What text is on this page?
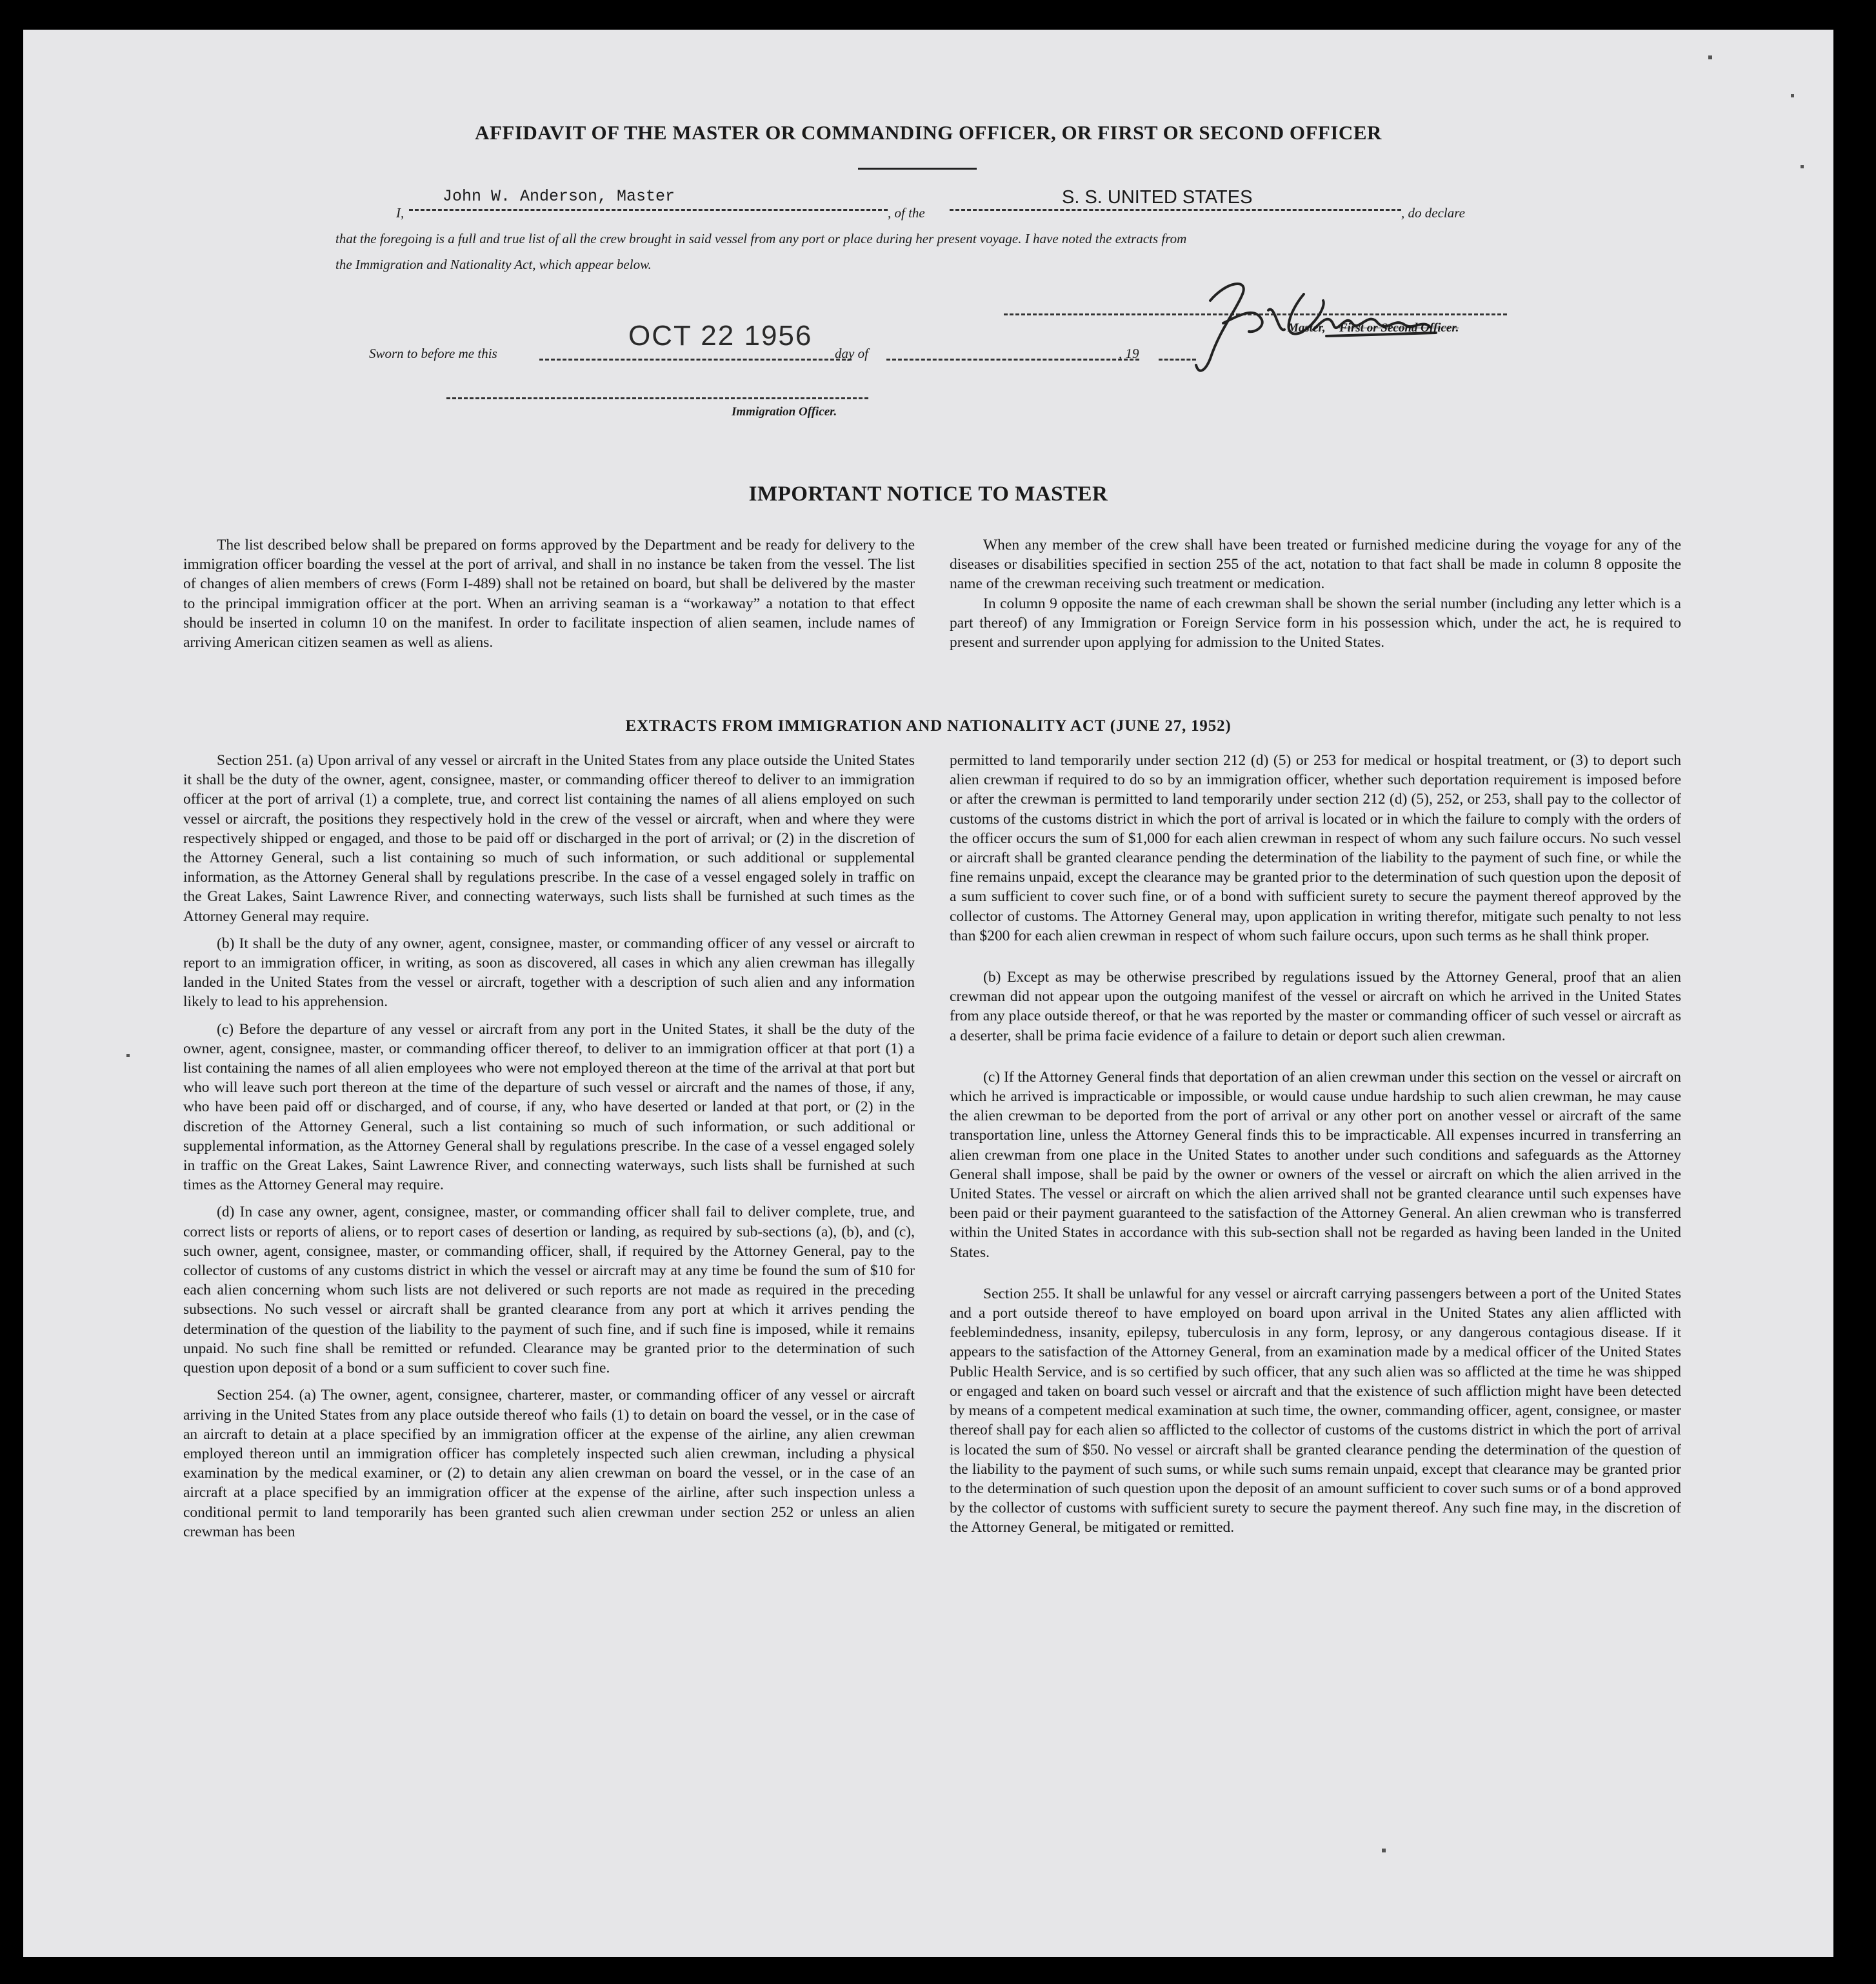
AFFIDAVIT OF THE MASTER OR COMMANDING OFFICER, OR FIRST OR SECOND OFFICER
I,
John W. Anderson, Master
, of the
S. S. UNITED STATES
, do declare
that the foregoing is a full and true list of all the crew brought in said vessel from any port or place during her present voyage. I have noted the extracts from
the Immigration and Nationality Act, which appear below.
Master, First or Second Officer.
Sworn to before me this
OCT 22 1956
day of	, 19
Immigration Officer.
IMPORTANT NOTICE TO MASTER

The list described below shall be prepared on forms approved by the Department and be ready for delivery to the immigration officer boarding the vessel at the port of arrival, and shall in no instance be taken from the vessel. The list of changes of alien members of crews (Form I-489) shall not be retained on board, but shall be delivered by the master to the principal immigration officer at the port. When an arriving seaman is a “workaway” a notation to that effect should be inserted in column 10 on the manifest. In order to facilitate inspection of alien seamen, include names of arriving American citizen seamen as well as aliens.

When any member of the crew shall have been treated or furnished medicine during the voyage for any of the diseases or disabilities specified in section 255 of the act, notation to that fact shall be made in column 8 opposite the name of the crewman receiving such treatment or medication.

In column 9 opposite the name of each crewman shall be shown the serial number (including any letter which is a part thereof) of any Immigration or Foreign Service form in his possession which, under the act, he is required to present and surrender upon applying for admission to the United States.

EXTRACTS FROM IMMIGRATION AND NATIONALITY ACT (JUNE 27, 1952)

Section 251. (a) Upon arrival of any vessel or aircraft in the United States from any place outside the United States it shall be the duty of the owner, agent, consignee, master, or commanding officer thereof to deliver to an immigration officer at the port of arrival (1) a complete, true, and correct list containing the names of all aliens employed on such vessel or aircraft, the positions they respectively hold in the crew of the vessel or aircraft, when and where they were respectively shipped or engaged, and those to be paid off or discharged in the port of arrival; or (2) in the discretion of the Attorney General, such a list containing so much of such information, or such additional or supplemental information, as the Attorney General shall by regulations prescribe. In the case of a vessel engaged solely in traffic on the Great Lakes, Saint Lawrence River, and connecting waterways, such lists shall be furnished at such times as the Attorney General may require.

(b) It shall be the duty of any owner, agent, consignee, master, or commanding officer of any vessel or aircraft to report to an immigration officer, in writing, as soon as discovered, all cases in which any alien crewman has illegally landed in the United States from the vessel or aircraft, together with a description of such alien and any information likely to lead to his apprehension.

(c) Before the departure of any vessel or aircraft from any port in the United States, it shall be the duty of the owner, agent, consignee, master, or commanding officer thereof, to deliver to an immigration officer at that port (1) a list containing the names of all alien employees who were not employed thereon at the time of the arrival at that port but who will leave such port thereon at the time of the departure of such vessel or aircraft and the names of those, if any, who have been paid off or discharged, and of course, if any, who have deserted or landed at that port, or (2) in the discretion of the Attorney General, such a list containing so much of such information, or such additional or supplemental information, as the Attorney General shall by regulations prescribe. In the case of a vessel engaged solely in traffic on the Great Lakes, Saint Lawrence River, and connecting waterways, such lists shall be furnished at such times as the Attorney General may require.

(d) In case any owner, agent, consignee, master, or commanding officer shall fail to deliver complete, true, and correct lists or reports of aliens, or to report cases of desertion or landing, as required by sub-sections (a), (b), and (c), such owner, agent, consignee, master, or commanding officer, shall, if required by the Attorney General, pay to the collector of customs of any customs district in which the vessel or aircraft may at any time be found the sum of $10 for each alien concerning whom such lists are not delivered or such reports are not made as required in the preceding subsections. No such vessel or aircraft shall be granted clearance from any port at which it arrives pending the determination of the question of the liability to the payment of such fine, and if such fine is imposed, while it remains unpaid. No such fine shall be remitted or refunded. Clearance may be granted prior to the determination of such question upon deposit of a bond or a sum sufficient to cover such fine.

Section 254. (a) The owner, agent, consignee, charterer, master, or commanding officer of any vessel or aircraft arriving in the United States from any place outside thereof who fails (1) to detain on board the vessel, or in the case of an aircraft to detain at a place specified by an immigration officer at the expense of the airline, any alien crewman employed thereon until an immigration officer has completely inspected such alien crewman, including a physical examination by the medical examiner, or (2) to detain any alien crewman on board the vessel, or in the case of an aircraft at a place specified by an immigration officer at the expense of the airline, after such inspection unless a conditional permit to land temporarily has been granted such alien crewman under section 252 or unless an alien crewman has been

permitted to land temporarily under section 212 (d) (5) or 253 for medical or hospital treatment, or (3) to deport such alien crewman if required to do so by an immigration officer, whether such deportation requirement is imposed before or after the crewman is permitted to land temporarily under section 212 (d) (5), 252, or 253, shall pay to the collector of customs of the customs district in which the port of arrival is located or in which the failure to comply with the orders of the officer occurs the sum of $1,000 for each alien crewman in respect of whom any such failure occurs. No such vessel or aircraft shall be granted clearance pending the determination of the liability to the payment of such fine, or while the fine remains unpaid, except the clearance may be granted prior to the determination of such question upon the deposit of a sum sufficient to cover such fine, or of a bond with sufficient surety to secure the payment thereof approved by the collector of customs. The Attorney General may, upon application in writing therefor, mitigate such penalty to not less than $200 for each alien crewman in respect of whom such failure occurs, upon such terms as he shall think proper.

(b) Except as may be otherwise prescribed by regulations issued by the Attorney General, proof that an alien crewman did not appear upon the outgoing manifest of the vessel or aircraft on which he arrived in the United States from any place outside thereof, or that he was reported by the master or commanding officer of such vessel or aircraft as a deserter, shall be prima facie evidence of a failure to detain or deport such alien crewman.

(c) If the Attorney General finds that deportation of an alien crewman under this section on the vessel or aircraft on which he arrived is impracticable or impossible, or would cause undue hardship to such alien crewman, he may cause the alien crewman to be deported from the port of arrival or any other port on another vessel or aircraft of the same transportation line, unless the Attorney General finds this to be impracticable. All expenses incurred in transferring an alien crewman from one place in the United States to another under such conditions and safeguards as the Attorney General shall impose, shall be paid by the owner or owners of the vessel or aircraft on which the alien arrived in the United States. The vessel or aircraft on which the alien arrived shall not be granted clearance until such expenses have been paid or their payment guaranteed to the satisfaction of the Attorney General. An alien crewman who is transferred within the United States in accordance with this sub-section shall not be regarded as having been landed in the United States.

Section 255. It shall be unlawful for any vessel or aircraft carrying passengers between a port of the United States and a port outside thereof to have employed on board upon arrival in the United States any alien afflicted with feeblemindedness, insanity, epilepsy, tuberculosis in any form, leprosy, or any dangerous contagious disease. If it appears to the satisfaction of the Attorney General, from an examination made by a medical officer of the United States Public Health Service, and is so certified by such officer, that any such alien was so afflicted at the time he was shipped or engaged and taken on board such vessel or aircraft and that the existence of such affliction might have been detected by means of a competent medical examination at such time, the owner, commanding officer, agent, consignee, or master thereof shall pay for each alien so afflicted to the collector of customs of the customs district in which the port of arrival is located the sum of $50. No vessel or aircraft shall be granted clearance pending the determination of the question of the liability to the payment of such sums, or while such sums remain unpaid, except that clearance may be granted prior to the determination of such question upon the deposit of an amount sufficient to cover such sums or of a bond approved by the collector of customs with sufficient surety to secure the payment thereof. Any such fine may, in the discretion of the Attorney General, be mitigated or remitted.
